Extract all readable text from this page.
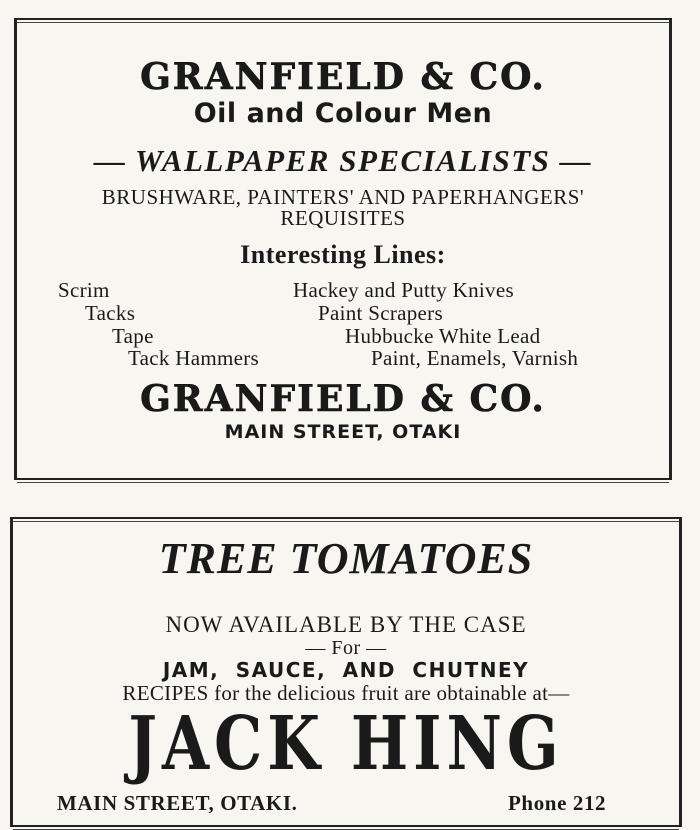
GRANFIELD & CO.
Oil and Colour Men
— WALLPAPER SPECIALISTS —
BRUSHWARE, PAINTERS' AND PAPERHANGERS'
REQUISITES
Interesting Lines:
Scrim
Tacks
Tape
Tack Hammers
Hackey and Putty Knives
Paint Scrapers
Hubbucke White Lead
Paint, Enamels, Varnish
GRANFIELD & CO.
MAIN STREET, OTAKI
TREE TOMATOES
NOW AVAILABLE BY THE CASE
— For —
JAM, SAUCE, AND CHUTNEY
RECIPES for the delicious fruit are obtainable at—
JACK HING
MAIN STREET, OTAKI.	Phone 212
